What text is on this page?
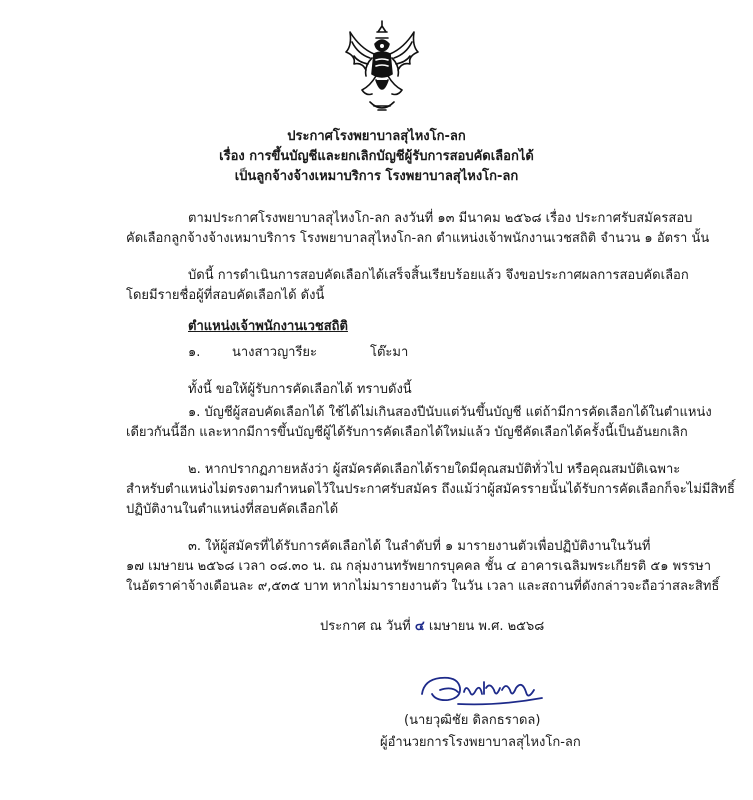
ประกาศโรงพยาบาลสุไหงโก-ลก
เรื่อง การขึ้นบัญชีและยกเลิกบัญชีผู้รับการสอบคัดเลือกได้
เป็นลูกจ้างจ้างเหมาบริการ โรงพยาบาลสุไหงโก-ลก
ตามประกาศโรงพยาบาลสุไหงโก-ลก ลงวันที่ ๑๓ มีนาคม ๒๕๖๘ เรื่อง ประกาศรับสมัครสอบ
คัดเลือกลูกจ้างจ้างเหมาบริการ โรงพยาบาลสุไหงโก-ลก ตำแหน่งเจ้าพนักงานเวชสถิติ จำนวน ๑ อัตรา นั้น
บัดนี้ การดำเนินการสอบคัดเลือกได้เสร็จสิ้นเรียบร้อยแล้ว จึงขอประกาศผลการสอบคัดเลือก
โดยมีรายชื่อผู้ที่สอบคัดเลือกได้ ดังนี้
ตำแหน่งเจ้าพนักงานเวชสถิติ
๑. นางสาวญารียะ	โต๊ะมา
ทั้งนี้ ขอให้ผู้รับการคัดเลือกได้ ทราบดังนี้
๑. บัญชีผู้สอบคัดเลือกได้ ใช้ได้ไม่เกินสองปีนับแต่วันขึ้นบัญชี แต่ถ้ามีการคัดเลือกได้ในตำแหน่ง
เดียวกันนี้อีก และหากมีการขึ้นบัญชีผู้ได้รับการคัดเลือกได้ใหม่แล้ว บัญชีคัดเลือกได้ครั้งนี้เป็นอันยกเลิก
๒. หากปรากฏภายหลังว่า ผู้สมัครคัดเลือกได้รายใดมีคุณสมบัติทั่วไป หรือคุณสมบัติเฉพาะ
สำหรับตำแหน่งไม่ตรงตามกำหนดไว้ในประกาศรับสมัคร ถึงแม้ว่าผู้สมัครรายนั้นได้รับการคัดเลือกก็จะไม่มีสิทธิ์
ปฏิบัติงานในตำแหน่งที่สอบคัดเลือกได้
๓. ให้ผู้สมัครที่ได้รับการคัดเลือกได้ ในลำดับที่ ๑ มารายงานตัวเพื่อปฏิบัติงานในวันที่
๑๗ เมษายน ๒๕๖๘ เวลา ๐๘.๓๐ น. ณ กลุ่มงานทรัพยากรบุคคล ชั้น ๔ อาคารเฉลิมพระเกียรติ ๕๑ พรรษา
ในอัตราค่าจ้างเดือนละ ๙,๕๓๕ บาท หากไม่มารายงานตัว ในวัน เวลา และสถานที่ดังกล่าวจะถือว่าสละสิทธิ์
ประกาศ ณ วันที่ ๔ เมษายน พ.ศ. ๒๕๖๘
(นายวุฒิชัย ดิลกธราดล)
ผู้อำนวยการโรงพยาบาลสุไหงโก-ลก
